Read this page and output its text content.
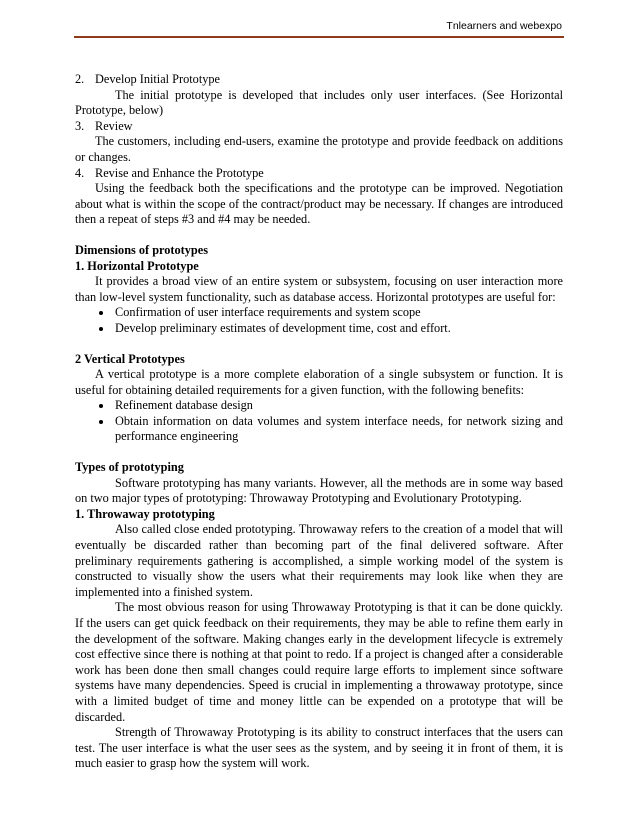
Tnlearners and webexpo

2. Develop Initial Prototype

The initial prototype is developed that includes only user interfaces. (See Horizontal Prototype, below)

3. Review

The customers, including end-users, examine the prototype and provide feedback on additions or changes.

4. Revise and Enhance the Prototype

Using the feedback both the specifications and the prototype can be improved. Negotiation about what is within the scope of the contract/product may be necessary. If changes are introduced then a repeat of steps #3 and #4 may be needed.

Dimensions of prototypes

1. Horizontal Prototype

It provides a broad view of an entire system or subsystem, focusing on user interaction more than low-level system functionality, such as database access. Horizontal prototypes are useful for:

• Confirmation of user interface requirements and system scope
• Develop preliminary estimates of development time, cost and effort.

2 Vertical Prototypes

A vertical prototype is a more complete elaboration of a single subsystem or function. It is useful for obtaining detailed requirements for a given function, with the following benefits:

• Refinement database design
• Obtain information on data volumes and system interface needs, for network sizing and performance engineering

Types of prototyping

Software prototyping has many variants. However, all the methods are in some way based on two major types of prototyping: Throwaway Prototyping and Evolutionary Prototyping.

1. Throwaway prototyping

Also called close ended prototyping. Throwaway refers to the creation of a model that will eventually be discarded rather than becoming part of the final delivered software. After preliminary requirements gathering is accomplished, a simple working model of the system is constructed to visually show the users what their requirements may look like when they are implemented into a finished system.

The most obvious reason for using Throwaway Prototyping is that it can be done quickly. If the users can get quick feedback on their requirements, they may be able to refine them early in the development of the software. Making changes early in the development lifecycle is extremely cost effective since there is nothing at that point to redo. If a project is changed after a considerable work has been done then small changes could require large efforts to implement since software systems have many dependencies. Speed is crucial in implementing a throwaway prototype, since with a limited budget of time and money little can be expended on a prototype that will be discarded.

Strength of Throwaway Prototyping is its ability to construct interfaces that the users can test. The user interface is what the user sees as the system, and by seeing it in front of them, it is much easier to grasp how the system will work.
